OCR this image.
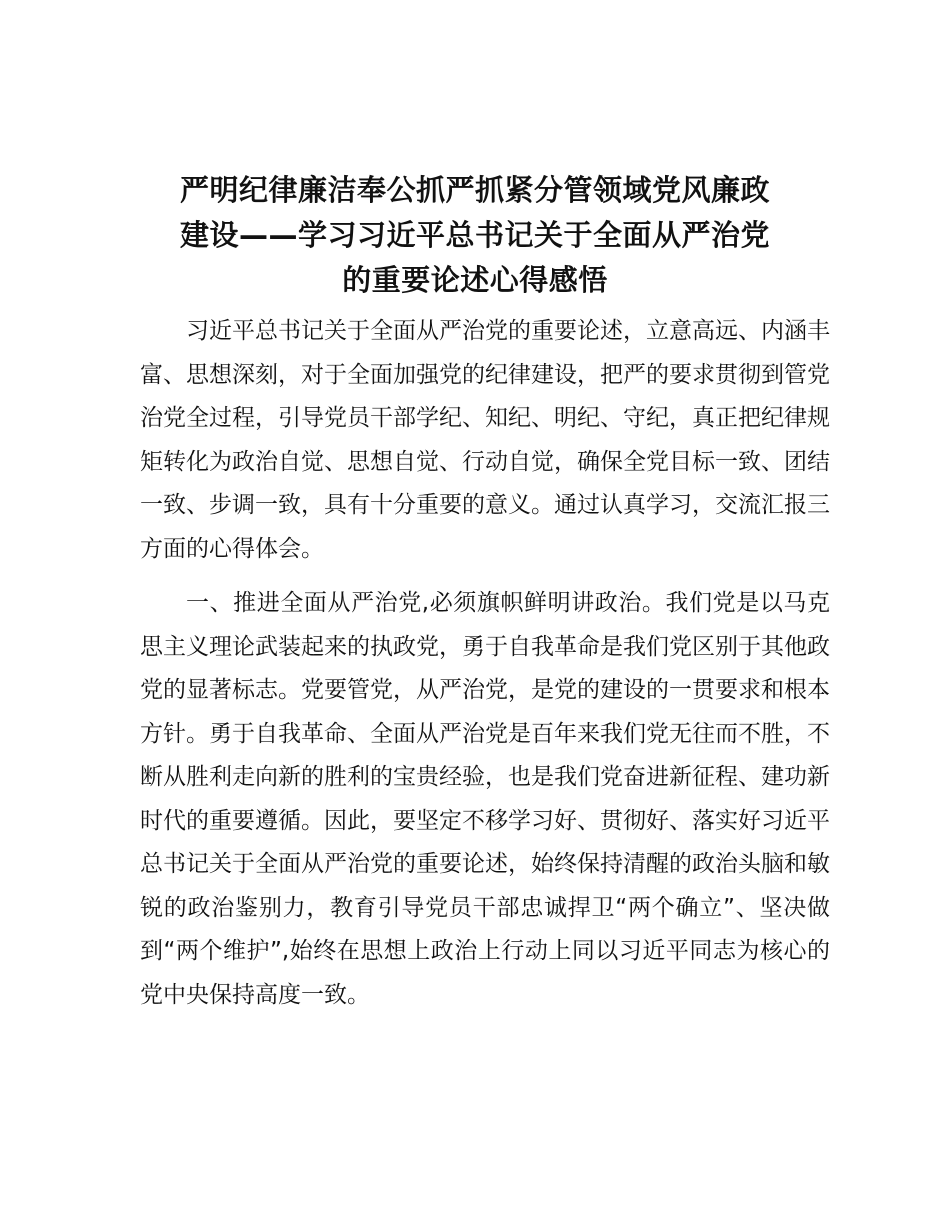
严明纪律廉洁奉公抓严抓紧分管领域党风廉政
建设——学习习近平总书记关于全面从严治党
的重要论述心得感悟

习近平总书记关于全面从严治党的重要论述，立意高远、内涵丰富、思想深刻，对于全面加强党的纪律建设，把严的要求贯彻到管党治党全过程，引导党员干部学纪、知纪、明纪、守纪，真正把纪律规矩转化为政治自觉、思想自觉、行动自觉，确保全党目标一致、团结一致、步调一致，具有十分重要的意义。通过认真学习，交流汇报三方面的心得体会。

一、推进全面从严治党,必须旗帜鲜明讲政治。我们党是以马克思主义理论武装起来的执政党，勇于自我革命是我们党区别于其他政党的显著标志。党要管党，从严治党，是党的建设的一贯要求和根本方针。勇于自我革命、全面从严治党是百年来我们党无往而不胜，不断从胜利走向新的胜利的宝贵经验，也是我们党奋进新征程、建功新时代的重要遵循。因此，要坚定不移学习好、贯彻好、落实好习近平总书记关于全面从严治党的重要论述，始终保持清醒的政治头脑和敏锐的政治鉴别力，教育引导党员干部忠诚捍卫“两个确立”、坚决做到“两个维护”,始终在思想上政治上行动上同以习近平同志为核心的党中央保持高度一致。
